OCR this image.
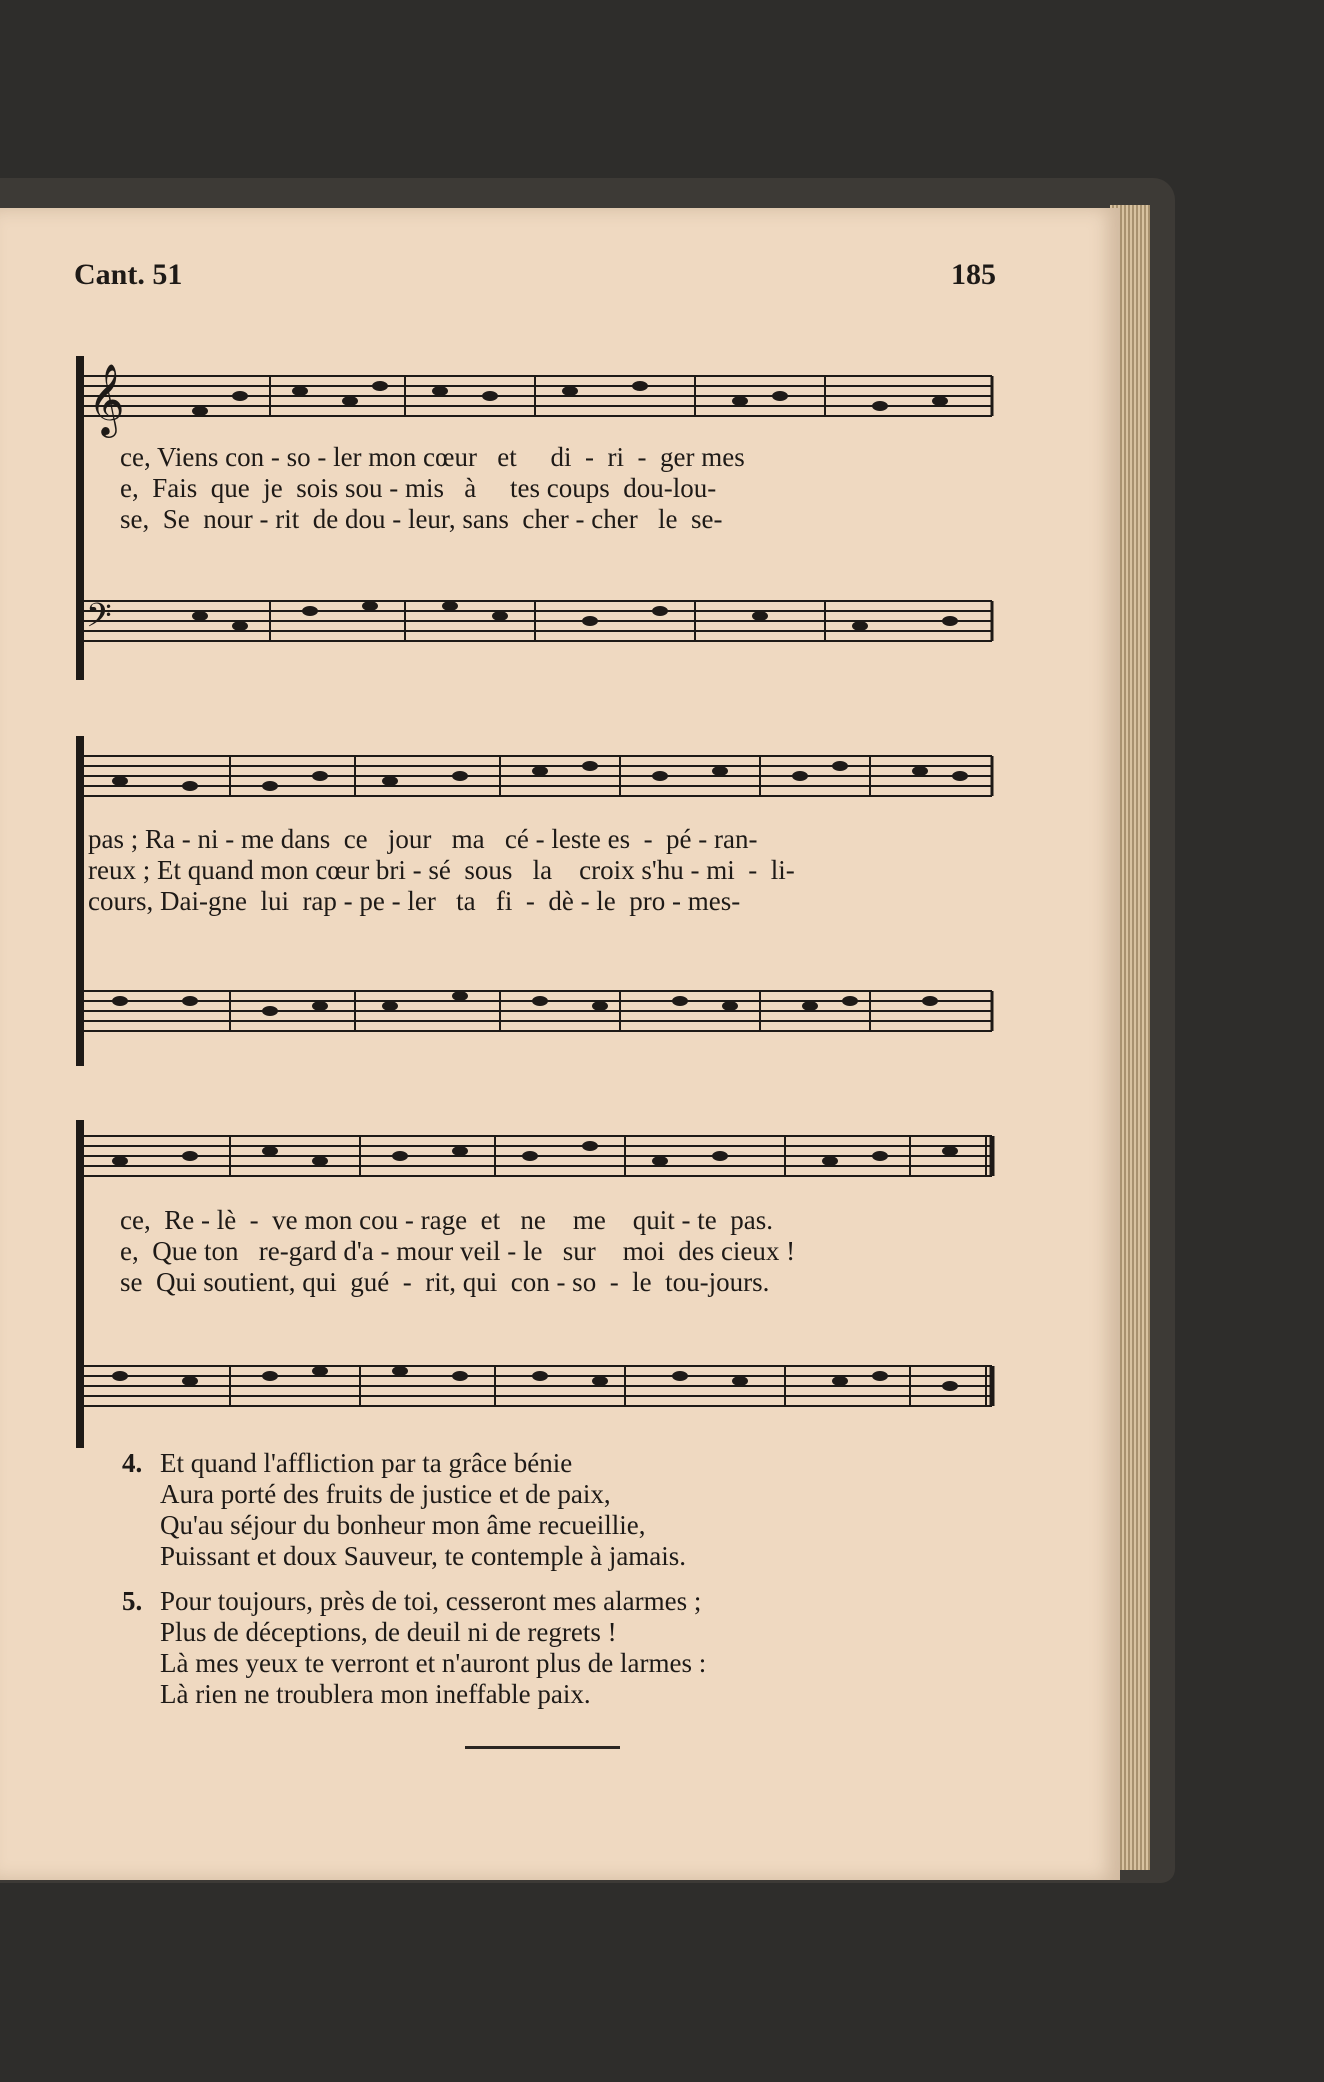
Cant. 51	185
𝄞
ce, Viens con - so - ler mon cœur   et     di  -  ri  -  ger mes
e,  Fais  que  je  sois sou - mis   à     tes coups  dou-lou-
se,  Se  nour - rit  de dou - leur, sans  cher - cher   le  se-
𝄢
pas ; Ra - ni - me dans  ce   jour   ma   cé - leste es  -  pé - ran-
reux ; Et quand mon cœur bri - sé  sous   la    croix s'hu - mi  -  li-
cours, Dai-gne  lui  rap - pe - ler   ta   fi  -  dè - le  pro - mes-
ce,  Re - lè  -  ve mon cou - rage  et   ne    me    quit - te  pas.
e,  Que ton   re-gard d'a - mour veil - le   sur    moi  des cieux !
se  Qui soutient, qui  gué  -  rit, qui  con - so  -  le  tou-jours.
4. Et quand l'affliction par ta grâce bénie
Aura porté des fruits de justice et de paix,
Qu'au séjour du bonheur mon âme recueillie,
Puissant et doux Sauveur, te contemple à jamais.
5. Pour toujours, près de toi, cesseront mes alarmes ;
Plus de déceptions, de deuil ni de regrets !
Là mes yeux te verront et n'auront plus de larmes :
Là rien ne troublera mon ineffable paix.
